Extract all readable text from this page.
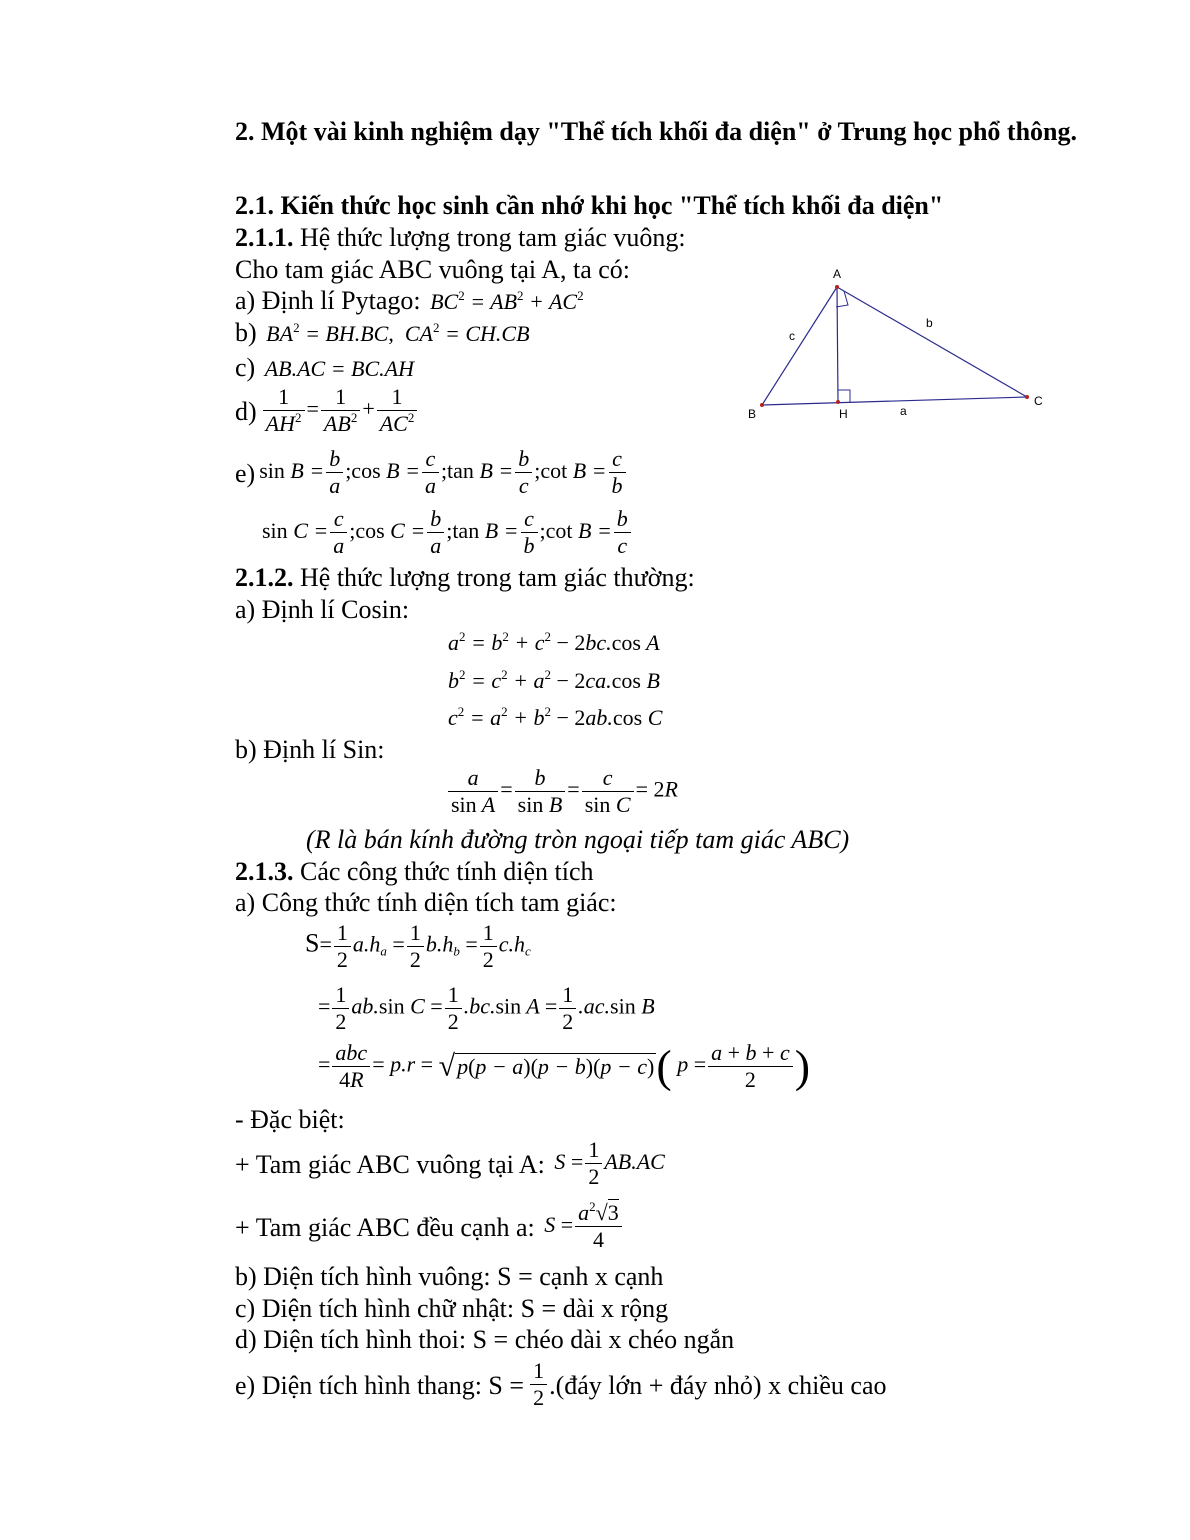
2. Một vài kinh nghiệm dạy "Thể tích khối đa diện" ở Trung học phổ thông.
2.1. Kiến thức học sinh cần nhớ khi học "Thể tích khối đa diện"
2.1.1. Hệ thức lượng trong tam giác vuông:
Cho tam giác ABC vuông tại A, ta có:
a) Định lí Pytago:  $BC^2 = AB^2 + AC^2$
b)  $BA^2 = BH.BC$,  $CA^2 = CH.CB$
c)  AB.AC = BC.AH
$d) \frac{1}{AH^2} = \frac{1}{AB^2} + \frac{1}{AC^2}$
e) $\sin B = \frac{b}{a}$ ;cos $B = \frac{c}{a}$ ;tan $B = \frac{b}{c}$ ;cot $B = \frac{c}{b}$
$\sin C = \frac{c}{a}$ ;cos $C = \frac{b}{a}$ ;tan $B = \frac{c}{b}$ ;cot $B = \frac{b}{c}$
2.1.2. Hệ thức lượng trong tam giác thường:
a) Định lí Cosin:
$a^2 = b^2 + c^2 - 2bc.\cos$ A
$b^2 = c^2 + a^2 - 2ca.\cos$ B
$c^2 = a^2 + b^2 - 2ab.\cos$ C
b) Định lí Sin:
$\frac{a}{\text{sin A}} = \frac{b}{\text{sin B}} = \frac{c}{\text{sin C}} = 2R$
(R là bán kính đường tròn ngoại tiếp tam giác ABC)
2.1.3. Các công thức tính diện tích
a) Công thức tính diện tích tam giác:
$S= \frac{1}{2} a.h_a = \frac{1}{2} b.h_b = \frac{1}{2} c.h_c$
= $\frac{1}{2} ab.\sin$ $C = \frac{1}{2} .bc.\sin$ $A = \frac{1}{2} .ac.\sin$ B
= $\frac{\text{abc}}{4R} = p.r = √p(p - a)(p - b)(p - c)$( $p = \frac{a + b + c}{2}$ )
- Đặc biệt:
+ Tam giác ABC vuông tại A:  $S = \frac{1}{2} AB.AC$
+ Tam giác ABC đều cạnh a:  $S = \frac{a^2√3}{4}$
b) Diện tích hình vuông: S = cạnh x cạnh
c) Diện tích hình chữ nhật: S = dài x rộng
d) Diện tích hình thoi: S = chéo dài x chéo ngắn
e) Diện tích hình thang: $S = \frac{1}{2}$ .(đáy lớn + đáy nhỏ) x chiều cao
A
B
C
H	a
b
c
